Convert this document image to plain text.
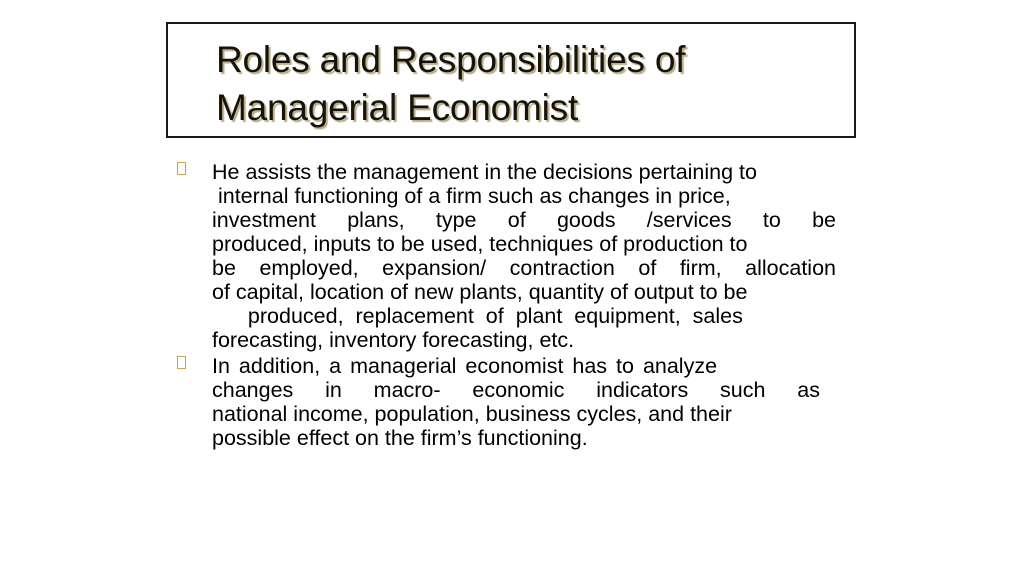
Roles and Responsibilities of
Managerial Economist
He assists the management in the decisions pertaining to
internal functioning of a firm such as changes in price,
investment plans, type of goods /services to be
produced, inputs to be used, techniques of production to
be employed, expansion/ contraction of firm, allocation
of capital, location of new plants, quantity of output to be
produced, replacement of plant equipment, sales
forecasting, inventory forecasting, etc.
In addition, a managerial economist has to analyze
changes in macro- economic indicators such as
national income, population, business cycles, and their
possible effect on the firm’s functioning.
